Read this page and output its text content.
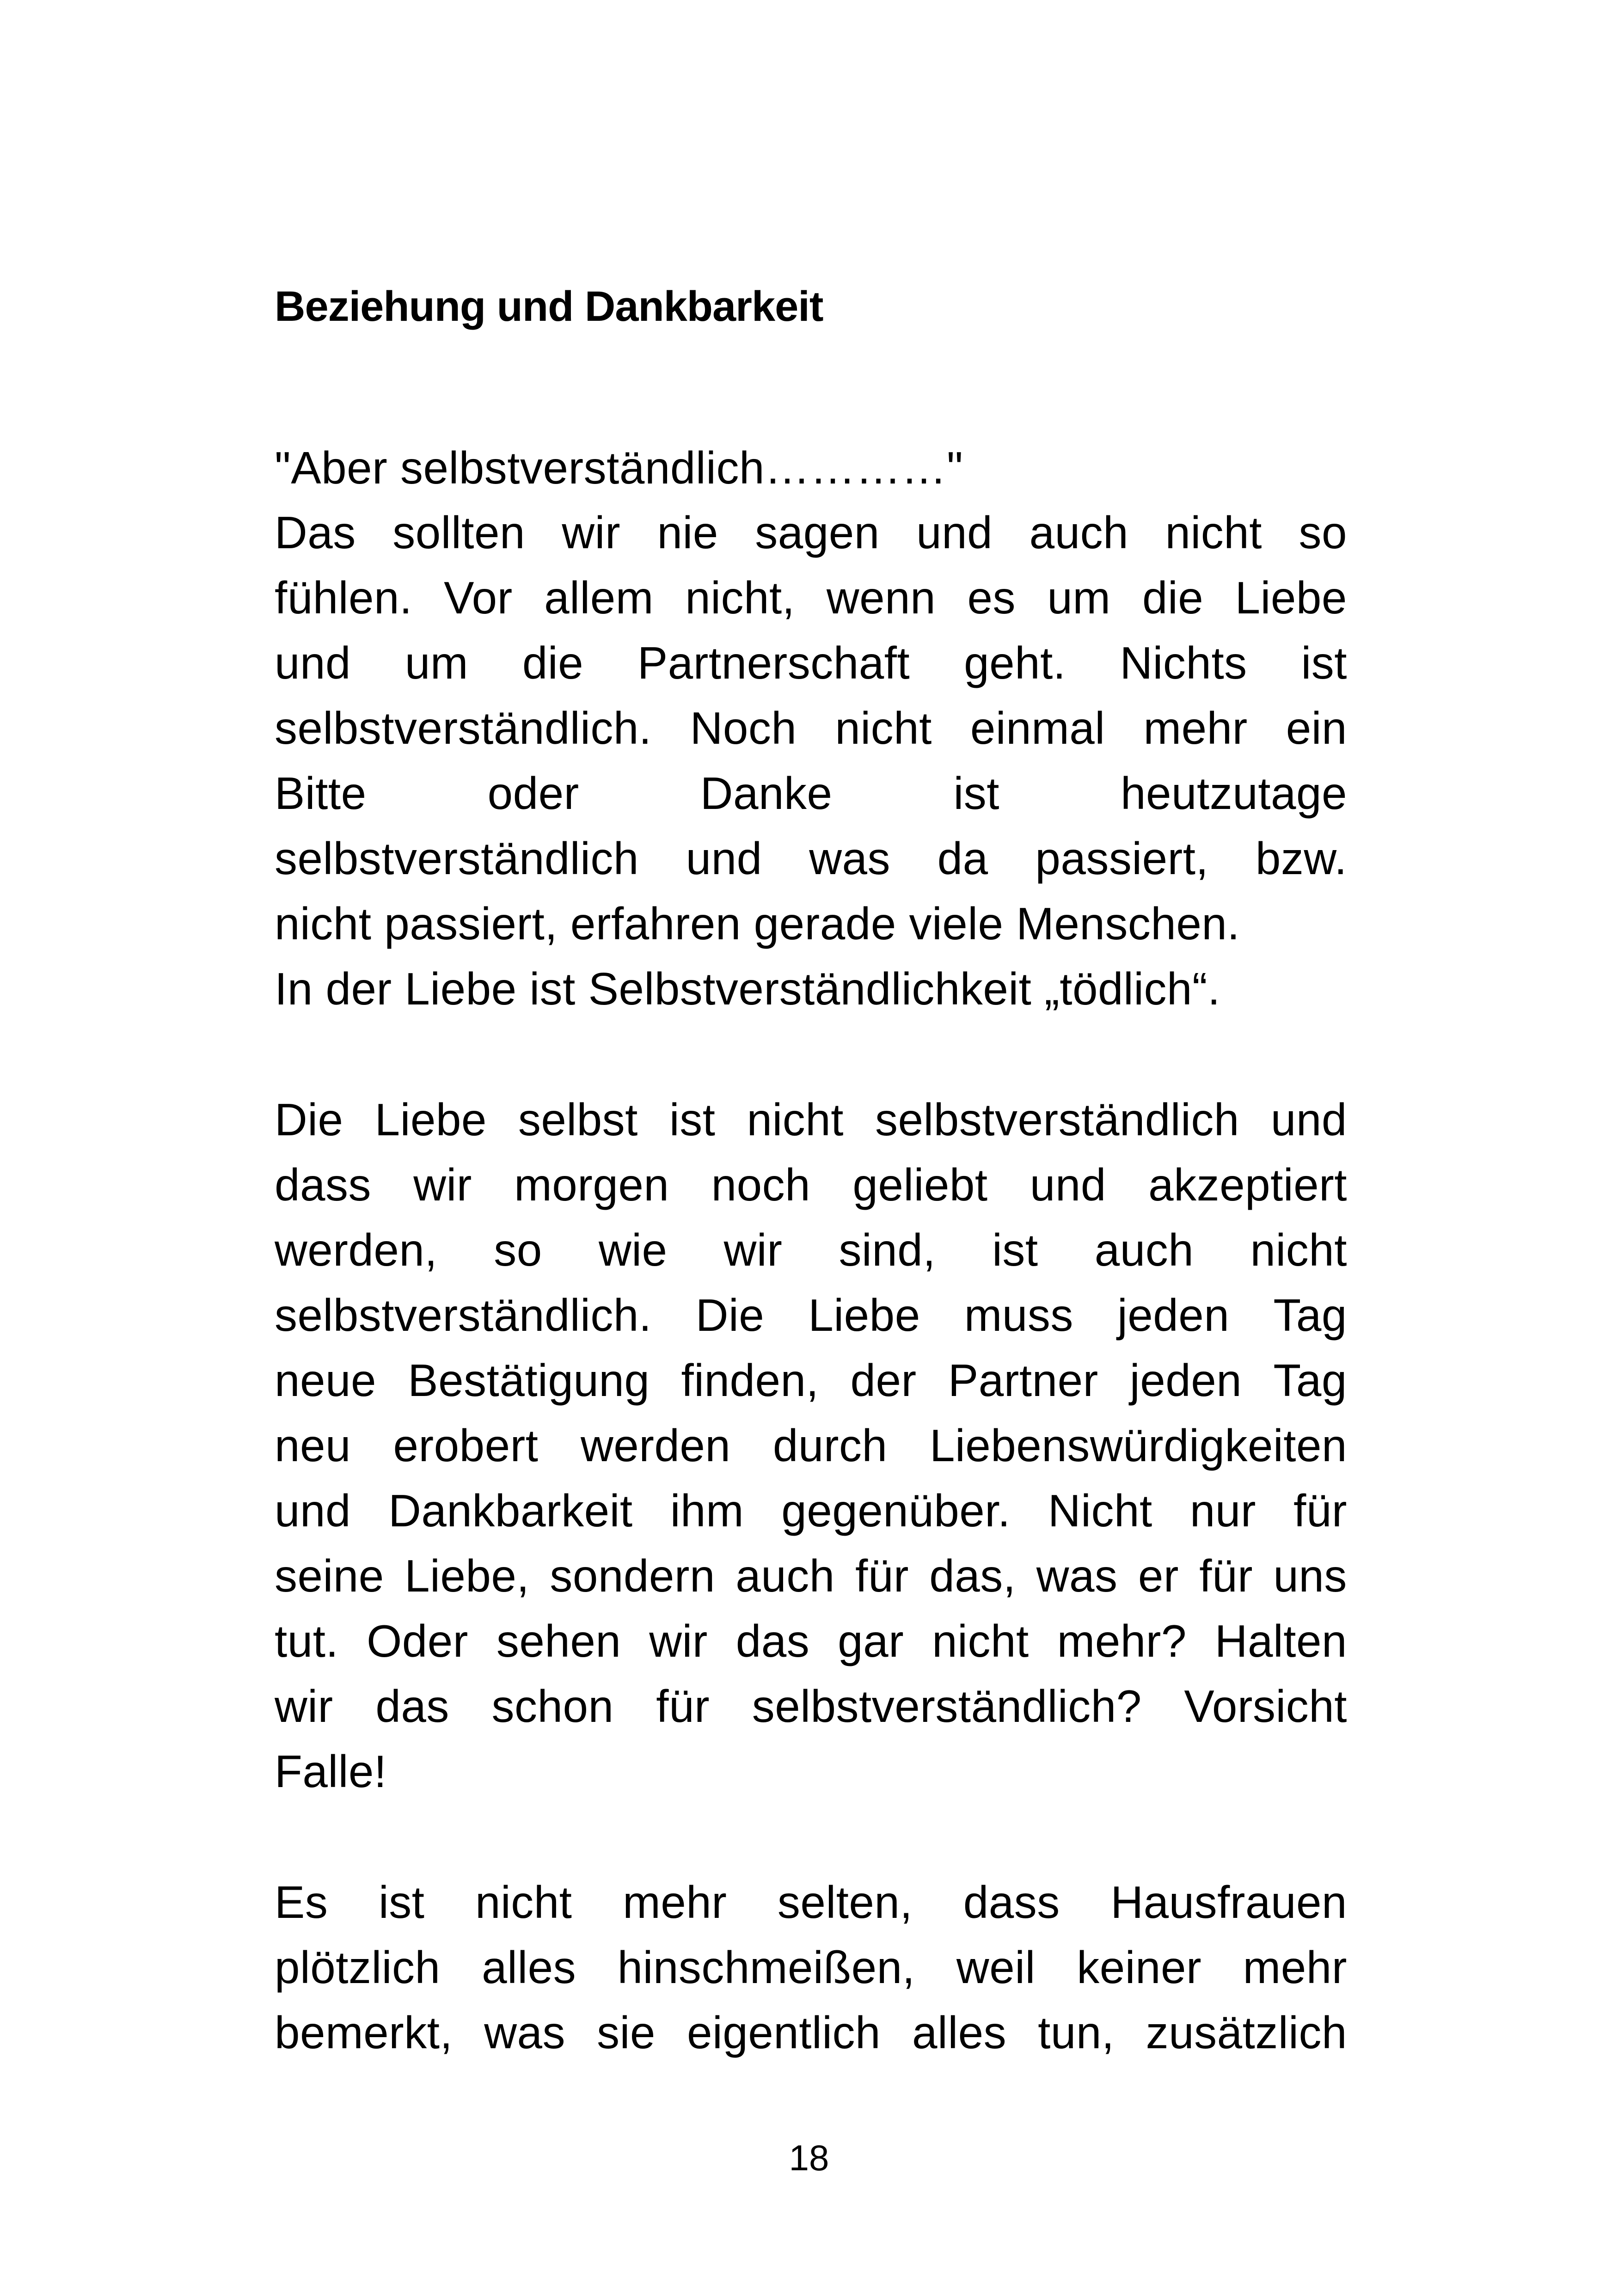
Beziehung und Dankbarkeit
"Aber selbstverständlich…………"
Das sollten wir nie sagen und auch nicht so
fühlen. Vor allem nicht, wenn es um die Liebe
und um die Partnerschaft geht. Nichts ist
selbstverständlich. Noch nicht einmal mehr ein
Bitte	oder	Danke	ist	heutzutage
selbstverständlich und was da passiert, bzw.
nicht passiert, erfahren gerade viele Menschen.
In der Liebe ist Selbstverständlichkeit „tödlich“.
Die Liebe selbst ist nicht selbstverständlich und
dass wir morgen noch geliebt und akzeptiert
werden, so wie wir sind, ist auch nicht
selbstverständlich. Die Liebe muss jeden Tag
neue Bestätigung finden, der Partner jeden Tag
neu erobert werden durch Liebenswürdigkeiten
und Dankbarkeit ihm gegenüber. Nicht nur für
seine Liebe, sondern auch für das, was er für uns
tut. Oder sehen wir das gar nicht mehr? Halten
wir das schon für selbstverständlich? Vorsicht
Falle!
Es ist nicht mehr selten, dass Hausfrauen
plötzlich alles hinschmeißen, weil keiner mehr
bemerkt, was sie eigentlich alles tun, zusätzlich
18
